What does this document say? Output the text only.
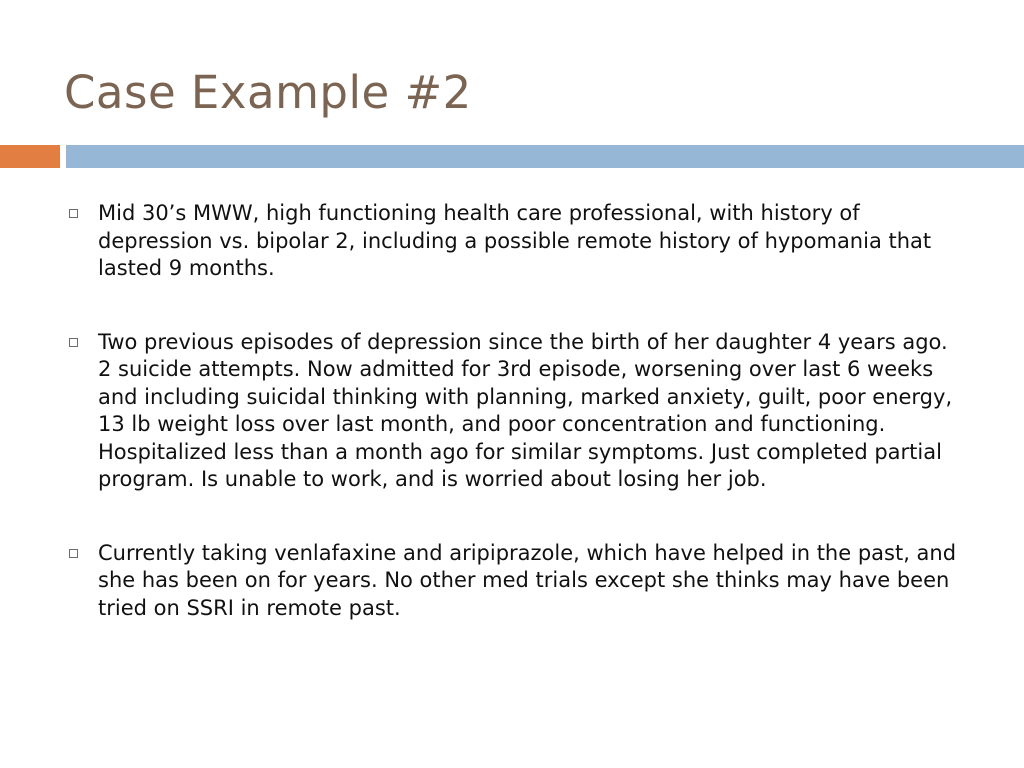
Case Example #2
Mid 30’s MWW, high functioning health care professional, with history of depression vs. bipolar 2, including a possible remote history of hypomania that lasted 9 months.
Two previous episodes of depression since the birth of her daughter 4 years ago. 2 suicide attempts. Now admitted for 3rd episode, worsening over last 6 weeks and including suicidal thinking with planning, marked anxiety, guilt, poor energy, 13 lb weight loss over last month, and poor concentration and functioning. Hospitalized less than a month ago for similar symptoms. Just completed partial program. Is unable to work, and is worried about losing her job.
Currently taking venlafaxine and aripiprazole, which have helped in the past, and she has been on for years. No other med trials except she thinks may have been tried on SSRI in remote past.
